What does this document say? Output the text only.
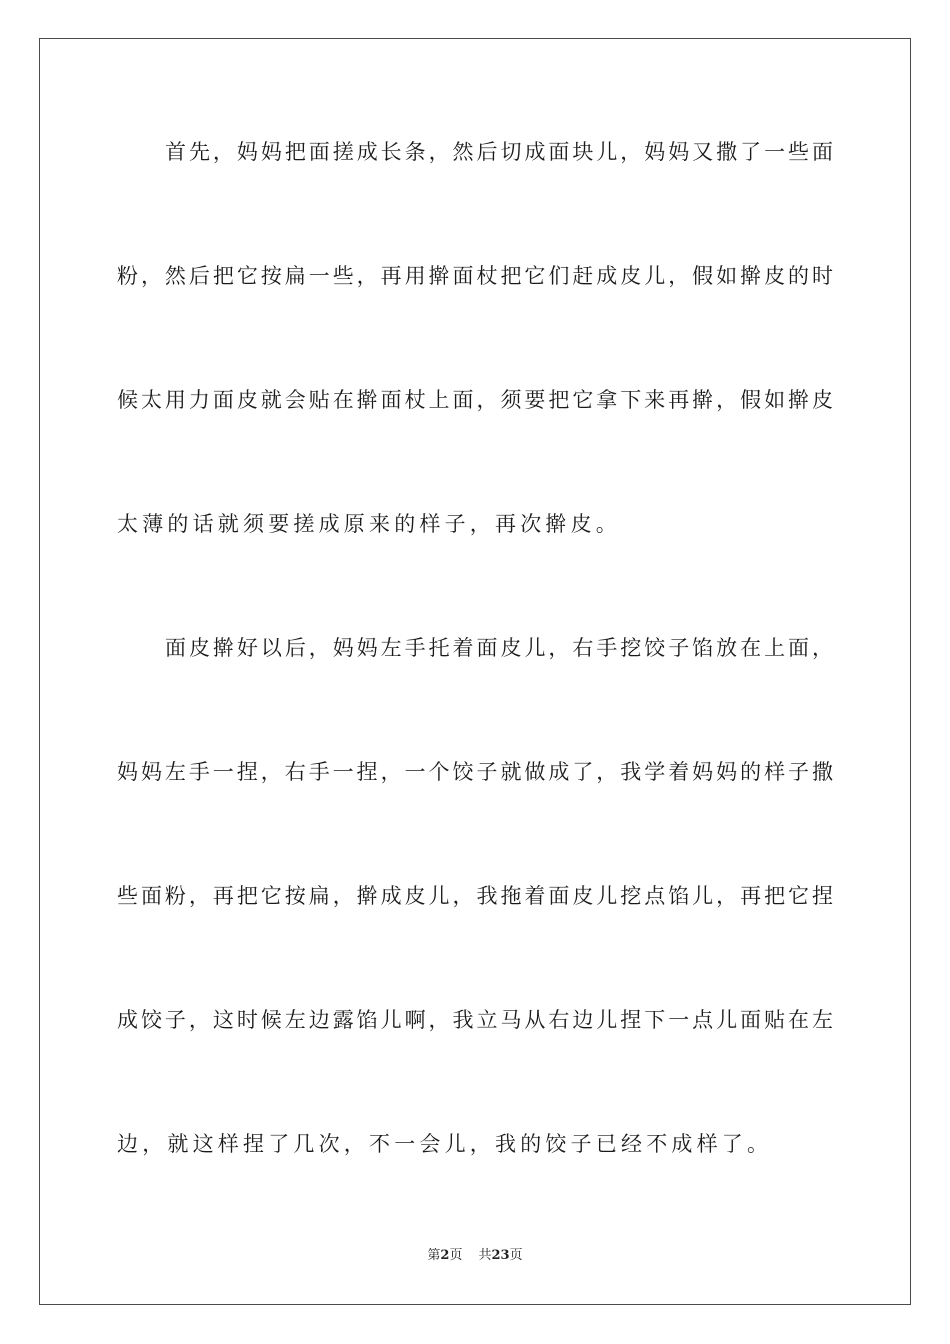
首先，妈妈把面搓成长条，然后切成面块儿，妈妈又撒了一些面
粉，然后把它按扁一些，再用擀面杖把它们赶成皮儿，假如擀皮的时
候太用力面皮就会贴在擀面杖上面，须要把它拿下来再擀，假如擀皮
太薄的话就须要搓成原来的样子，再次擀皮。
面皮擀好以后，妈妈左手托着面皮儿，右手挖饺子馅放在上面，
妈妈左手一捏，右手一捏，一个饺子就做成了，我学着妈妈的样子撒
些面粉，再把它按扁，擀成皮儿，我拖着面皮儿挖点馅儿，再把它捏
成饺子，这时候左边露馅儿啊，我立马从右边儿捏下一点儿面贴在左
边，就这样捏了几次，不一会儿，我的饺子已经不成样了。
第2页 共23页
